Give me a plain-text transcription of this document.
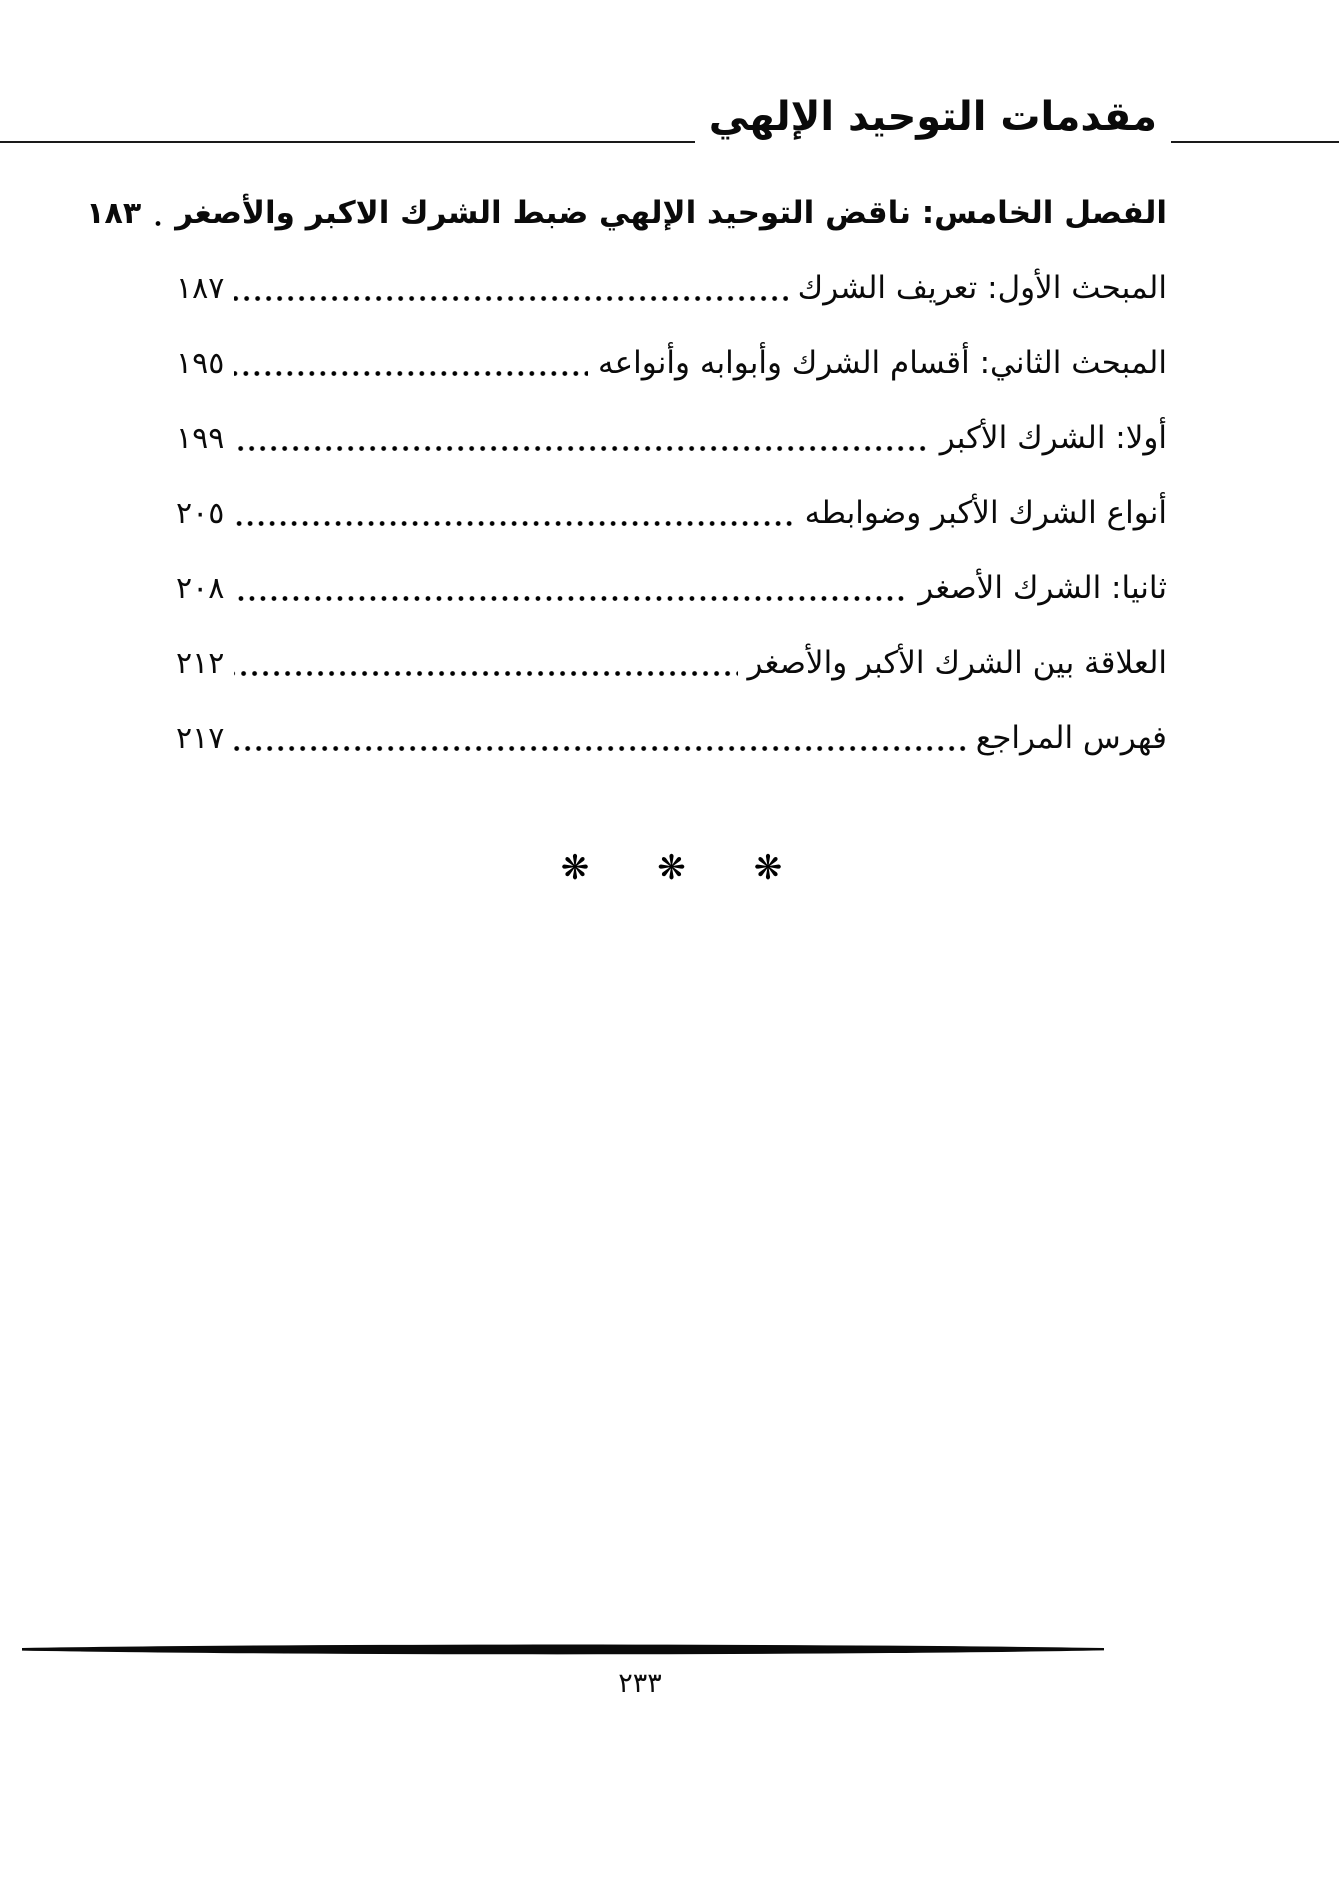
مقدمات التوحيد الإلهي
الفصل الخامس: ناقض التوحيد الإلهي ضبط الشرك الاكبر والأصغر
١٨٣
المبحث الأول: تعريف الشرك
١٨٧
المبحث الثاني: أقسام الشرك وأبوابه وأنواعه
١٩٥
أولا: الشرك الأكبر
١٩٩
أنواع الشرك الأكبر وضوابطه
٢٠٥
ثانيا: الشرك الأصغر
٢٠٨
العلاقة بين الشرك الأكبر والأصغر
٢١٢
فهرس المراجع
٢١٧
❋ ❋ ❋
٢٣٣
